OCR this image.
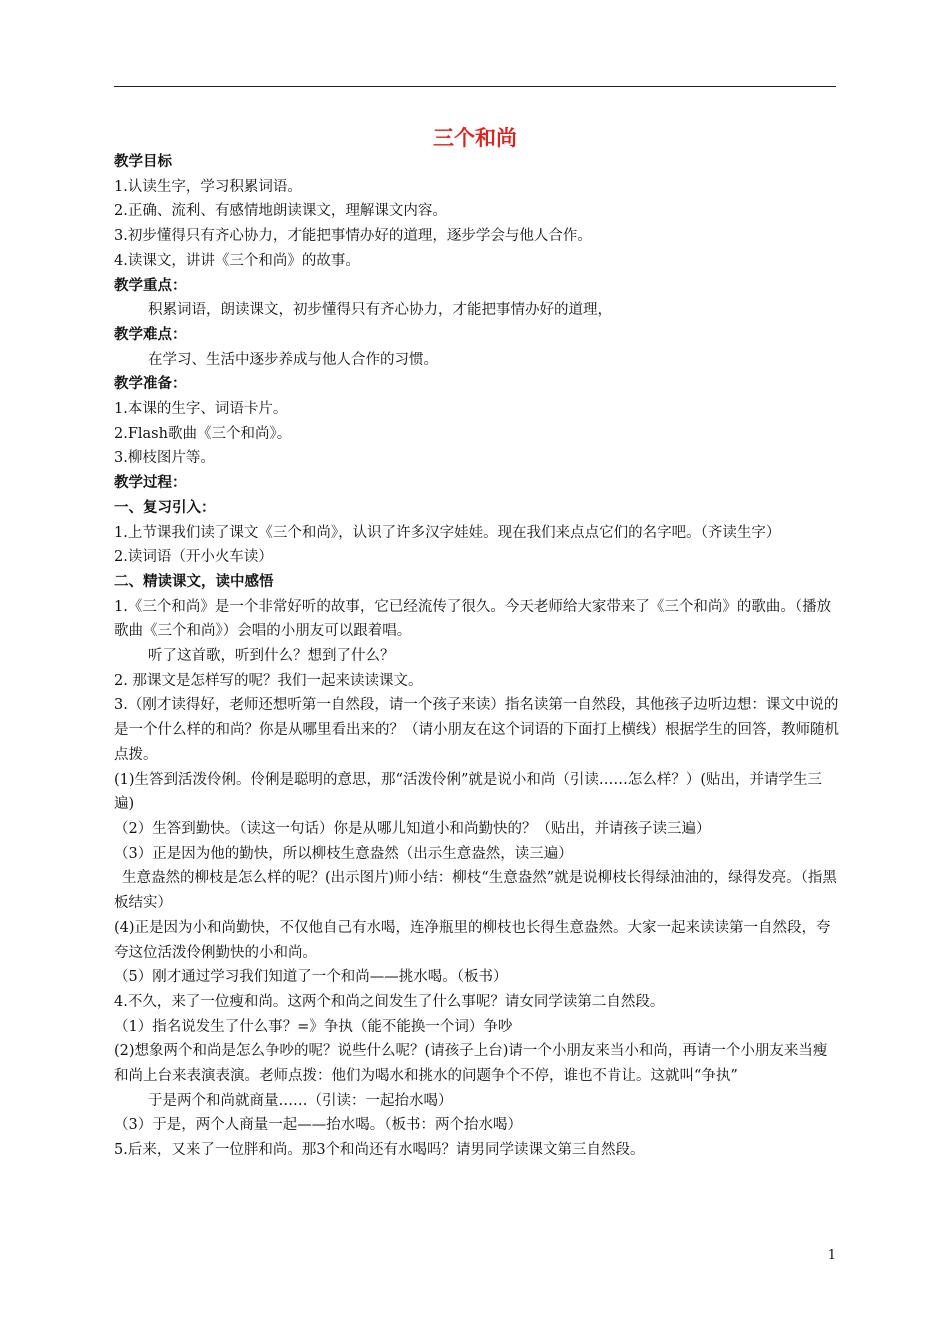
三个和尚

教学目标

1.认读生字，学习积累词语。

2.正确、流利、有感情地朗读课文，理解课文内容。

3.初步懂得只有齐心协力，才能把事情办好的道理，逐步学会与他人合作。

4.读课文，讲讲《三个和尚》的故事。

教学重点：

积累词语，朗读课文，初步懂得只有齐心协力，才能把事情办好的道理，

教学难点：

在学习、生活中逐步养成与他人合作的习惯。

教学准备：

1.本课的生字、词语卡片。

2.Flash歌曲《三个和尚》。

3.柳枝图片等。

教学过程：

一、复习引入：

1.上节课我们读了课文《三个和尚》，认识了许多汉字娃娃。现在我们来点点它们的名字吧。（齐读生字）

2.读词语（开小火车读）

二、精读课文，读中感悟

1.《三个和尚》是一个非常好听的故事，它已经流传了很久。今天老师给大家带来了《三个和尚》的歌曲。（播放歌曲《三个和尚》）会唱的小朋友可以跟着唱。

听了这首歌，听到什么？想到了什么？

2. 那课文是怎样写的呢？我们一起来读读课文。

3.（刚才读得好，老师还想听第一自然段，请一个孩子来读）指名读第一自然段，其他孩子边听边想：课文中说的是一个什么样的和尚？你是从哪里看出来的？（请小朋友在这个词语的下面打上横线）根据学生的回答，教师随机点拨。

(1)生答到活泼伶俐。伶俐是聪明的意思，那“活泼伶俐”就是说小和尚（引读……怎么样？）(贴出，并请学生三遍)

（2）生答到勤快。（读这一句话）你是从哪儿知道小和尚勤快的？（贴出，并请孩子读三遍）

（3）正是因为他的勤快，所以柳枝生意盎然（出示生意盎然，读三遍）

生意盎然的柳枝是怎么样的呢？(出示图片)师小结：柳枝“生意盎然”就是说柳枝长得绿油油的，绿得发亮。（指黑板结实）

(4)正是因为小和尚勤快，不仅他自己有水喝，连净瓶里的柳枝也长得生意盎然。大家一起来读读第一自然段，夸夸这位活泼伶俐勤快的小和尚。

（5）刚才通过学习我们知道了一个和尚——挑水喝。（板书）

4.不久，来了一位瘦和尚。这两个和尚之间发生了什么事呢？请女同学读第二自然段。

（1）指名说发生了什么事？=》争执（能不能换一个词）争吵

(2)想象两个和尚是怎么争吵的呢？说些什么呢？(请孩子上台)请一个小朋友来当小和尚，再请一个小朋友来当瘦和尚上台来表演表演。老师点拨：他们为喝水和挑水的问题争个不停，谁也不肯让。这就叫“争执”

于是两个和尚就商量……（引读：一起抬水喝）

（3）于是，两个人商量一起——抬水喝。（板书：两个抬水喝）

5.后来，又来了一位胖和尚。那3个和尚还有水喝吗？请男同学读课文第三自然段。

1
